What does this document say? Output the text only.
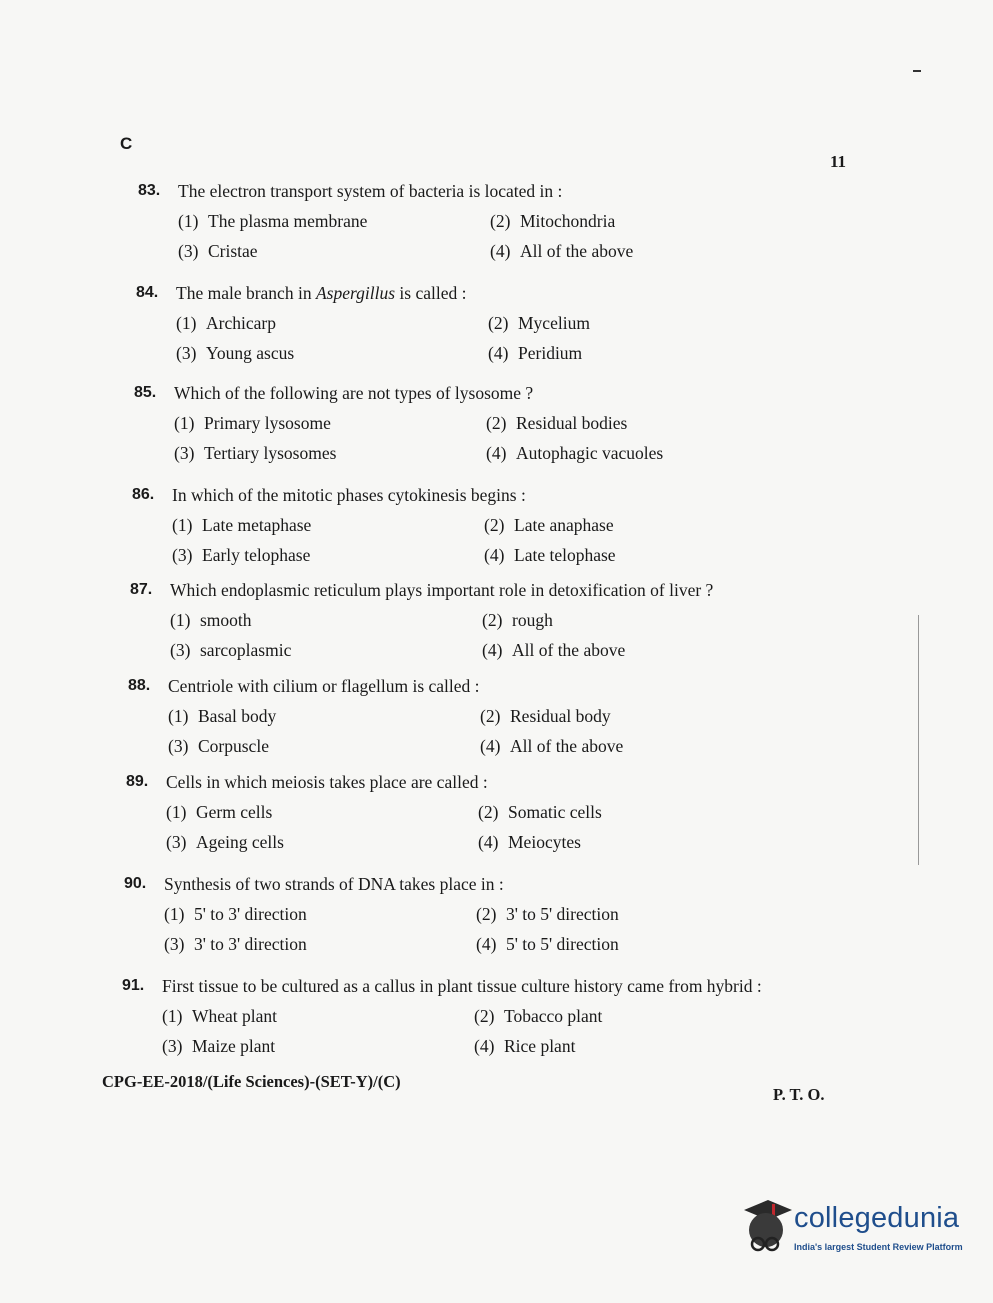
C
11
83.	The electron transport system of bacteria is located in :
(1) The plasma membrane	(2) Mitochondria
(3) Cristae	(4) All of the above
84.	The male branch in Aspergillus is called :
(1) Archicarp	(2) Mycelium
(3) Young ascus	(4) Peridium
85.	Which of the following are not types of lysosome ?
(1) Primary lysosome	(2) Residual bodies
(3) Tertiary lysosomes	(4) Autophagic vacuoles
86.	In which of the mitotic phases cytokinesis begins :
(1) Late metaphase	(2) Late anaphase
(3) Early telophase	(4) Late telophase
87.	Which endoplasmic reticulum plays important role in detoxification of liver ?
(1) smooth	(2) rough
(3) sarcoplasmic	(4) All of the above
88.	Centriole with cilium or flagellum is called :
(1) Basal body	(2) Residual body
(3) Corpuscle	(4) All of the above
89.	Cells in which meiosis takes place are called :
(1) Germ cells	(2) Somatic cells
(3) Ageing cells	(4) Meiocytes
90.	Synthesis of two strands of DNA takes place in :
(1) 5' to 3' direction	(2) 3' to 5' direction
(3) 3' to 3' direction	(4) 5' to 5' direction
91.	First tissue to be cultured as a callus in plant tissue culture history came from hybrid :
(1) Wheat plant	(2) Tobacco plant
(3) Maize plant	(4) Rice plant
CPG-EE-2018/(Life Sciences)-(SET-Y)/(C)
P. T. O.
collegedunia
India's largest Student Review Platform
